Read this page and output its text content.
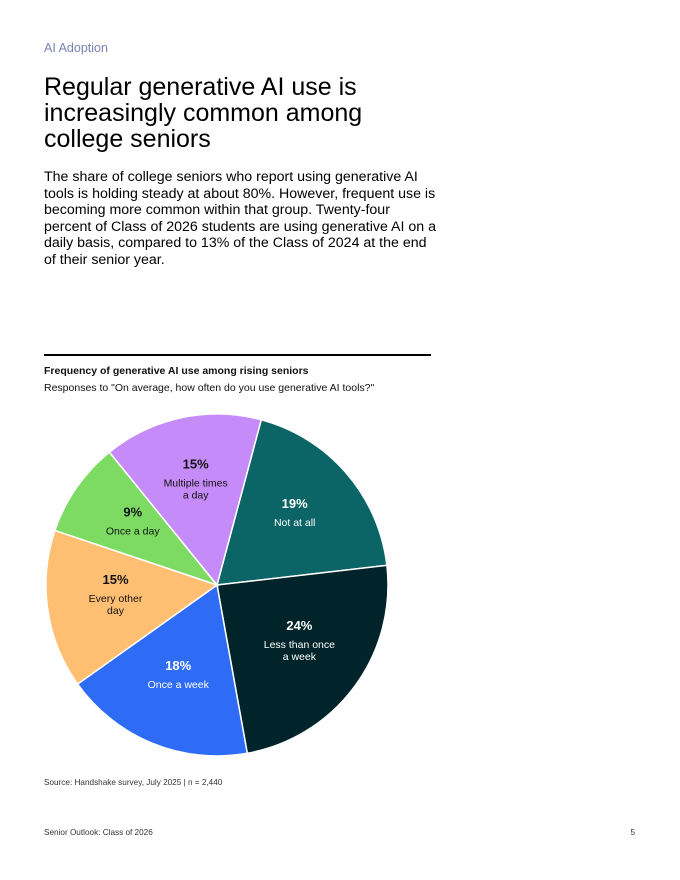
AI Adoption
Regular generative AI use is increasingly common among college seniors

The share of college seniors who report using generative AI tools is holding steady at about 80%. However, frequent use is becoming more common within that group. Twenty-four percent of Class of 2026 students are using generative AI on a daily basis, compared to 13% of the Class of 2024 at the end of their senior year.

Frequency of generative AI use among rising seniors
Responses to "On average, how often do you use generative AI tools?"
19%
Not at all
24%
Less than once
a week
18%
Once a week
15%
Every other
day
9%
Once a day
15%
Multiple times
a day
Source: Handshake survey, July 2025 | n = 2,440
Senior Outlook: Class of 2026	5
